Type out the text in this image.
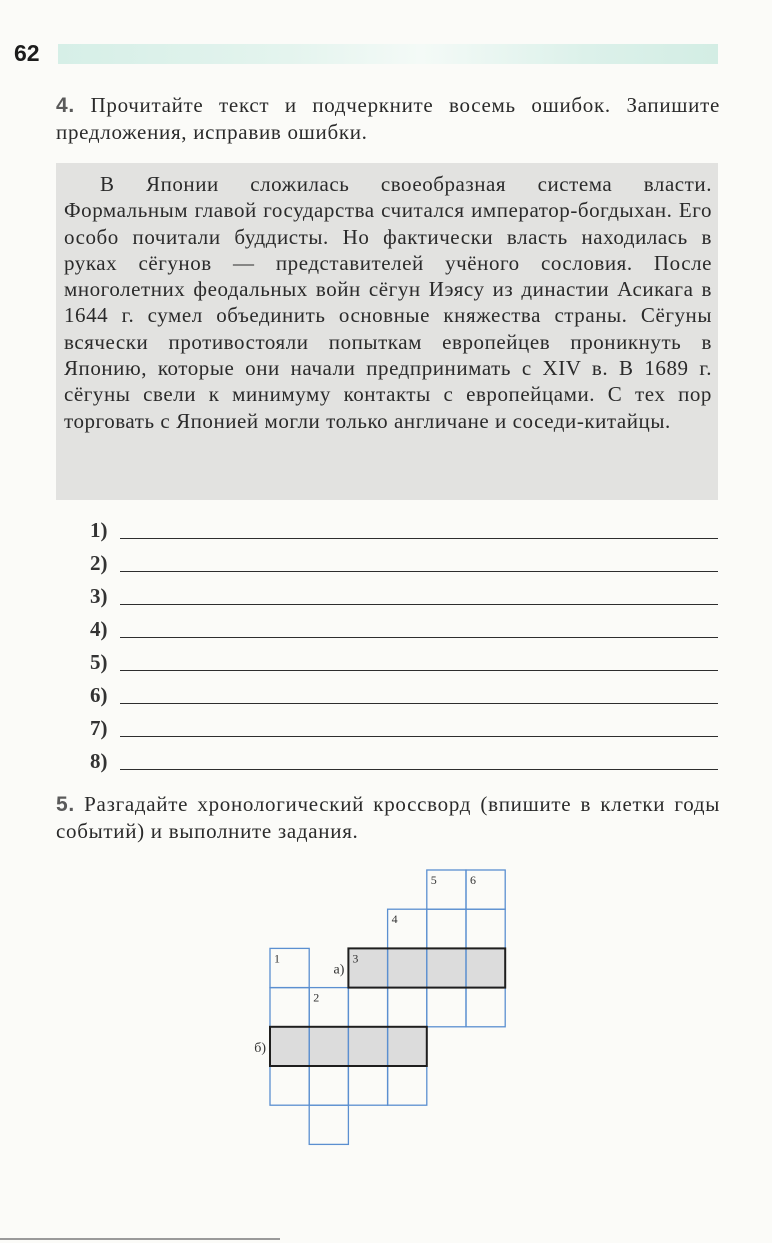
62
4. Прочитайте текст и подчеркните восемь ошибок. Запишите предложения, исправив ошибки.

В Японии сложилась своеобразная система власти. Формальным главой государства считался император-богдыхан. Его особо почитали буддисты. Но фактически власть находилась в руках сёгунов — представителей учёного сословия. После многолетних феодальных войн сёгун Иэясу из династии Асикага в 1644 г. сумел объединить основные княжества страны. Сёгуны всячески противостояли попыткам европейцев проникнуть в Японию, которые они начали предпринимать с XIV в. В 1689 г. сёгуны свели к минимуму контакты с европейцами. С тех пор торговать с Японией могли только англичане и соседи-китайцы.

1)
2)
3)
4)
5)
6)
7)
8)
5. Разгадайте хронологический кроссворд (впишите в клетки годы событий) и выполните задания.
1
2
3
4
5	6
а)
б)
